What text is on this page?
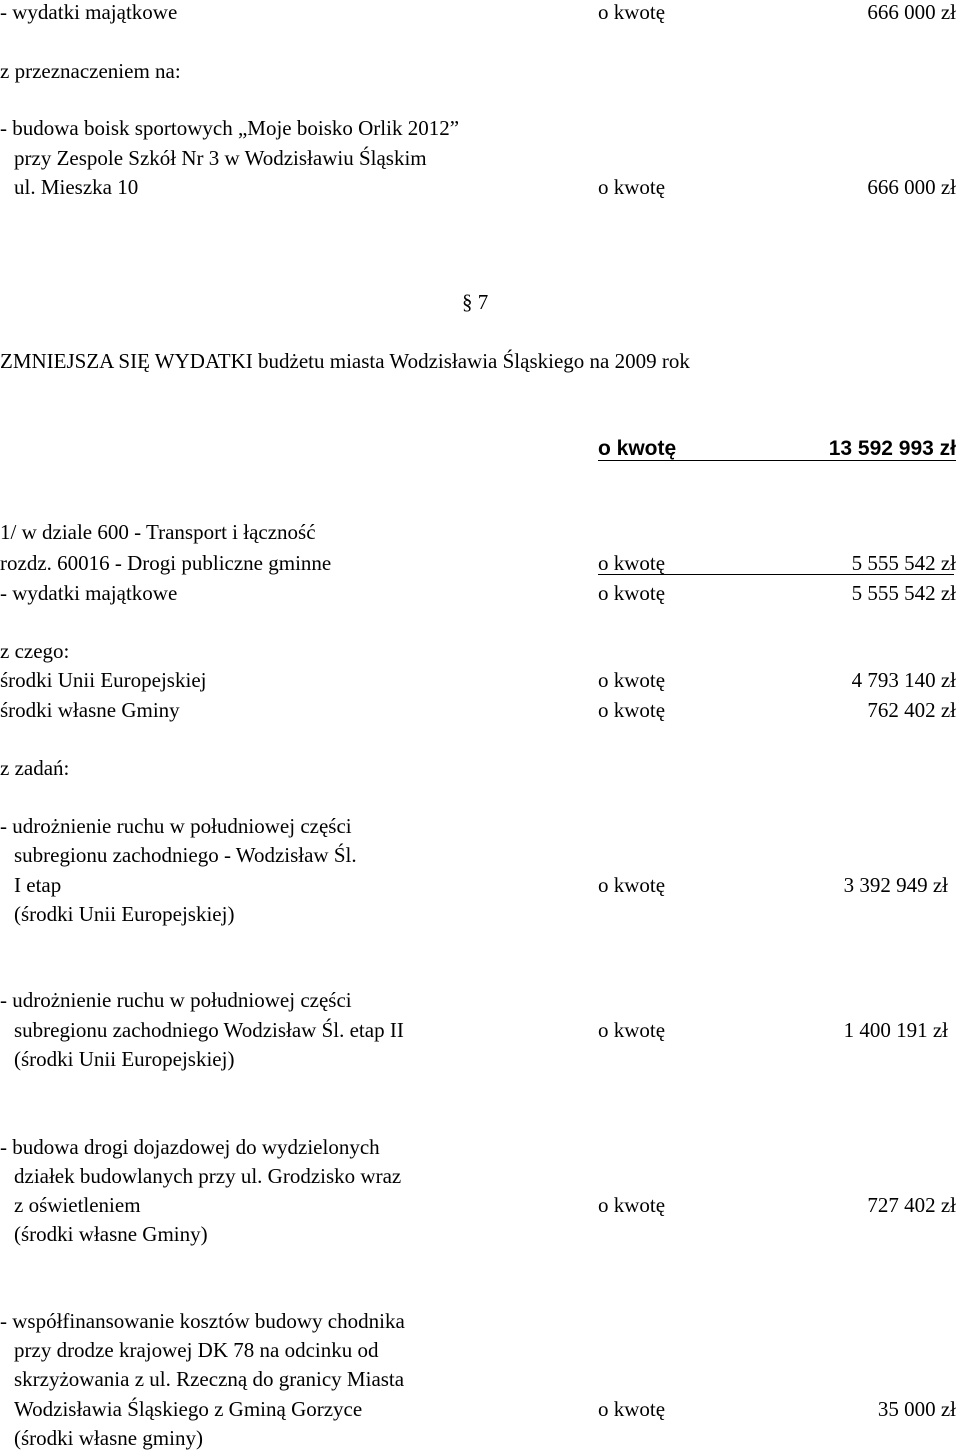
- wydatki majątkowe	o kwotę	666 000 zł
z przeznaczeniem na:
- budowa boisk sportowych „Moje boisko Orlik 2012”
przy Zespole Szkół Nr 3 w Wodzisławiu Śląskim
ul. Mieszka 10	o kwotę	666 000 zł
§ 7
ZMNIEJSZA SIĘ WYDATKI budżetu miasta Wodzisławia Śląskiego na 2009 rok
o kwotę	13 592 993 zł
1/ w dziale 600 - Transport i łączność
rozdz. 60016 - Drogi publiczne gminne	o kwotę	5 555 542 zł
- wydatki majątkowe	o kwotę	5 555 542 zł
z czego:
środki Unii Europejskiej	o kwotę	4 793 140 zł
środki własne Gminy	o kwotę	762 402 zł
z zadań:
- udrożnienie ruchu w południowej części
subregionu zachodniego - Wodzisław Śl.
I etap	o kwotę	3 392 949 zł
(środki Unii Europejskiej)
- udrożnienie ruchu w południowej części
subregionu zachodniego Wodzisław Śl. etap II	o kwotę	1 400 191 zł
(środki Unii Europejskiej)
- budowa drogi dojazdowej do wydzielonych
działek budowlanych przy ul. Grodzisko wraz
z oświetleniem	o kwotę	727 402 zł
(środki własne Gminy)
- współfinansowanie kosztów budowy chodnika
przy drodze krajowej DK 78 na odcinku od
skrzyżowania z ul. Rzeczną do granicy Miasta
Wodzisławia Śląskiego z Gminą Gorzyce	o kwotę	35 000 zł
(środki własne gminy)
